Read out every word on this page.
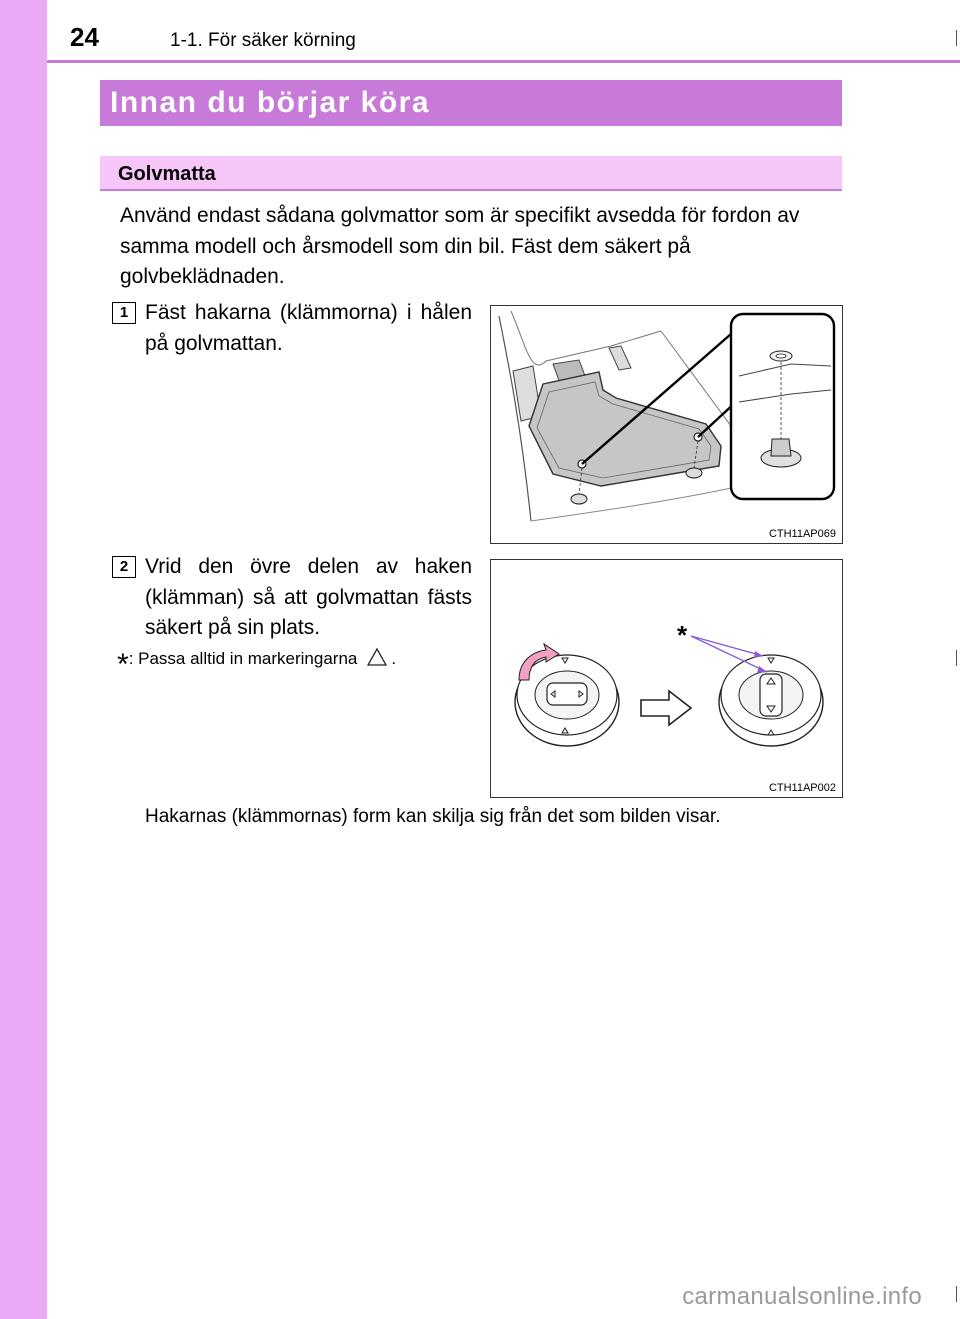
24	1-1. För säker körning
Innan du börjar köra
Golvmatta
Använd endast sådana golvmattor som är specifikt avsedda för fordon av samma modell och årsmodell som din bil. Fäst dem säkert på golvbeklädnaden.
1 Fäst hakarna (klämmorna) i hålen på golvmattan.
CTH11AP069
2 Vrid den övre delen av haken (klämman) så att golvmattan fästs säkert på sin plats.
*: Passa alltid in markeringarna .
*
CTH11AP002
Hakarnas (klämmornas) form kan skilja sig från det som bilden visar.
carmanualsonline.info
